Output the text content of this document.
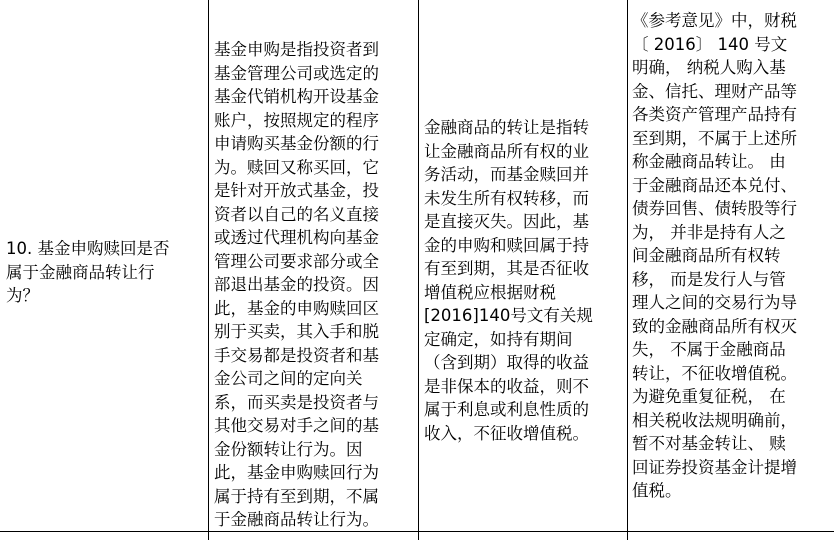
10. 基金申购赎回是否
属于金融商品转让行
为？
基金申购是指投资者到
基金管理公司或选定的
基金代销机构开设基金
账户，按照规定的程序
申请购买基金份额的行
为。赎回又称买回，它
是针对开放式基金，投
资者以自己的名义直接
或透过代理机构向基金
管理公司要求部分或全
部退出基金的投资。因
此，基金的申购赎回区
别于买卖，其入手和脱
手交易都是投资者和基
金公司之间的定向关
系，而买卖是投资者与
其他交易对手之间的基
金份额转让行为。因
此，基金申购赎回行为
属于持有至到期，不属
于金融商品转让行为。
金融商品的转让是指转
让金融商品所有权的业
务活动，而基金赎回并
未发生所有权转移，而
是直接灭失。因此，基
金的申购和赎回属于持
有至到期，其是否征收
增值税应根据财税
[2016]140号文有关规
定确定，如持有期间
（含到期）取得的收益
是非保本的收益，则不
属于利息或利息性质的
收入，不征收增值税。
《参考意见》中，财税
〔 2016〕 140 号文
明确， 纳税人购入基
金、信托、理财产品等
各类资产管理产品持有
至到期，不属于上述所
称金融商品转让。 由
于金融商品还本兑付、
债券回售、债转股等行
为， 并非是持有人之
间金融商品所有权转
移， 而是发行人与管
理人之间的交易行为导
致的金融商品所有权灭
失， 不属于金融商品
转让，不征收增值税。
为避免重复征税， 在
相关税收法规明确前，
暂不对基金转让、 赎
回证券投资基金计提增
值税。
